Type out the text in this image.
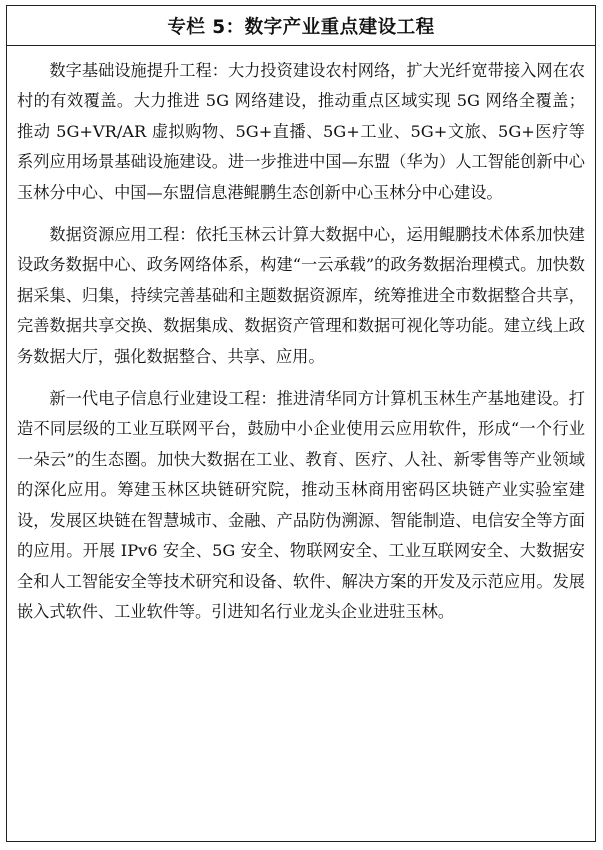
专栏 5：数字产业重点建设工程

数字基础设施提升工程：大力投资建设农村网络，扩大光纤宽带接入网在农村的有效覆盖。大力推进 5G 网络建设，推动重点区域实现 5G 网络全覆盖；推动 5G+VR/AR 虚拟购物、5G+直播、5G+工业、5G+文旅、5G+医疗等系列应用场景基础设施建设。进一步推进中国—东盟（华为）人工智能创新中心玉林分中心、中国—东盟信息港鲲鹏生态创新中心玉林分中心建设。

数据资源应用工程：依托玉林云计算大数据中心，运用鲲鹏技术体系加快建设政务数据中心、政务网络体系，构建“一云承载”的政务数据治理模式。加快数据采集、归集，持续完善基础和主题数据资源库，统筹推进全市数据整合共享，完善数据共享交换、数据集成、数据资产管理和数据可视化等功能。建立线上政务数据大厅，强化数据整合、共享、应用。

新一代电子信息行业建设工程：推进清华同方计算机玉林生产基地建设。打造不同层级的工业互联网平台，鼓励中小企业使用云应用软件，形成“一个行业一朵云”的生态圈。加快大数据在工业、教育、医疗、人社、新零售等产业领域的深化应用。筹建玉林区块链研究院，推动玉林商用密码区块链产业实验室建设，发展区块链在智慧城市、金融、产品防伪溯源、智能制造、电信安全等方面的应用。开展 IPv6 安全、5G 安全、物联网安全、工业互联网安全、大数据安全和人工智能安全等技术研究和设备、软件、解决方案的开发及示范应用。发展嵌入式软件、工业软件等。引进知名行业龙头企业进驻玉林。
